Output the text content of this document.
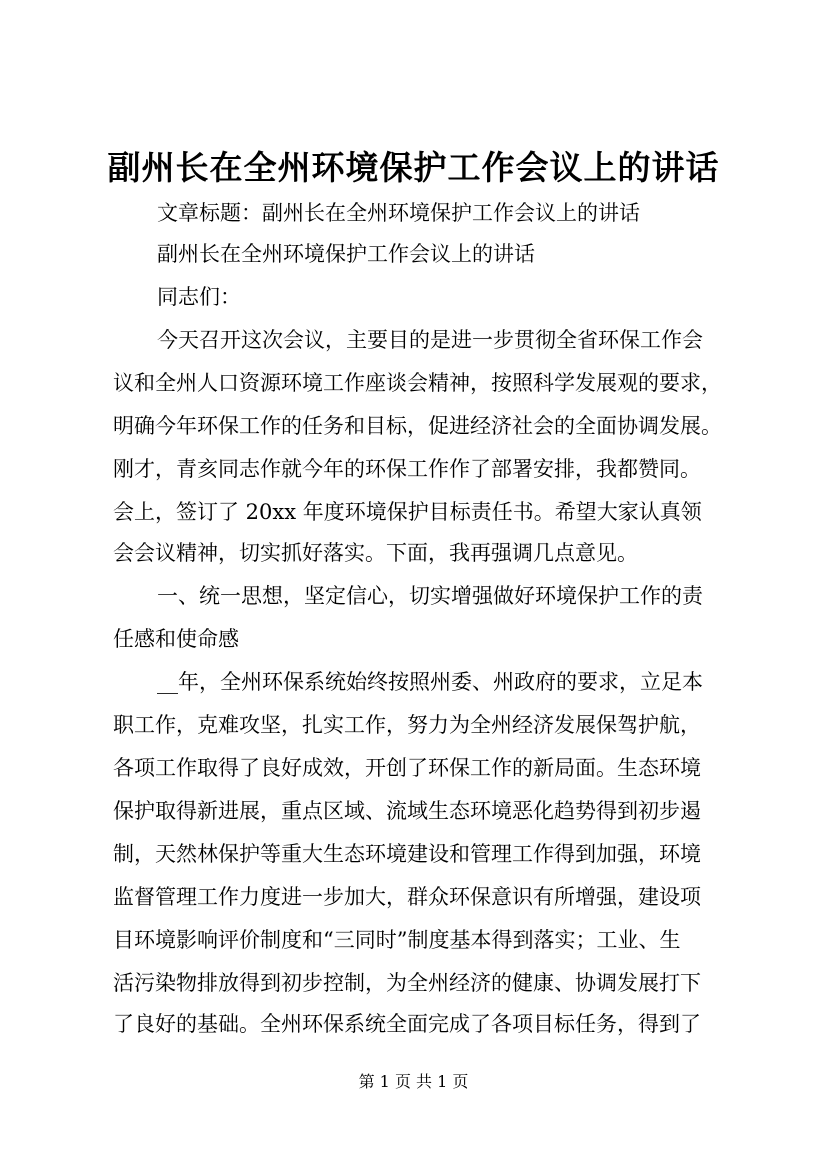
副州长在全州环境保护工作会议上的讲话
文章标题：副州长在全州环境保护工作会议上的讲话
副州长在全州环境保护工作会议上的讲话
同志们：
今天召开这次会议，主要目的是进一步贯彻全省环保工作会
议和全州人口资源环境工作座谈会精神，按照科学发展观的要求，
明确今年环保工作的任务和目标，促进经济社会的全面协调发展。
刚才，青亥同志作就今年的环保工作作了部署安排，我都赞同。
会上，签订了 20xx 年度环境保护目标责任书。希望大家认真领
会会议精神，切实抓好落实。下面，我再强调几点意见。
一、统一思想，坚定信心，切实增强做好环境保护工作的责
任感和使命感
__年，全州环保系统始终按照州委、州政府的要求，立足本
职工作，克难攻坚，扎实工作，努力为全州经济发展保驾护航，
各项工作取得了良好成效，开创了环保工作的新局面。生态环境
保护取得新进展，重点区域、流域生态环境恶化趋势得到初步遏
制，天然林保护等重大生态环境建设和管理工作得到加强，环境
监督管理工作力度进一步加大，群众环保意识有所增强，建设项
目环境影响评价制度和“三同时”制度基本得到落实；工业、生
活污染物排放得到初步控制，为全州经济的健康、协调发展打下
了良好的基础。全州环保系统全面完成了各项目标任务，得到了
第 1 页 共 1 页
